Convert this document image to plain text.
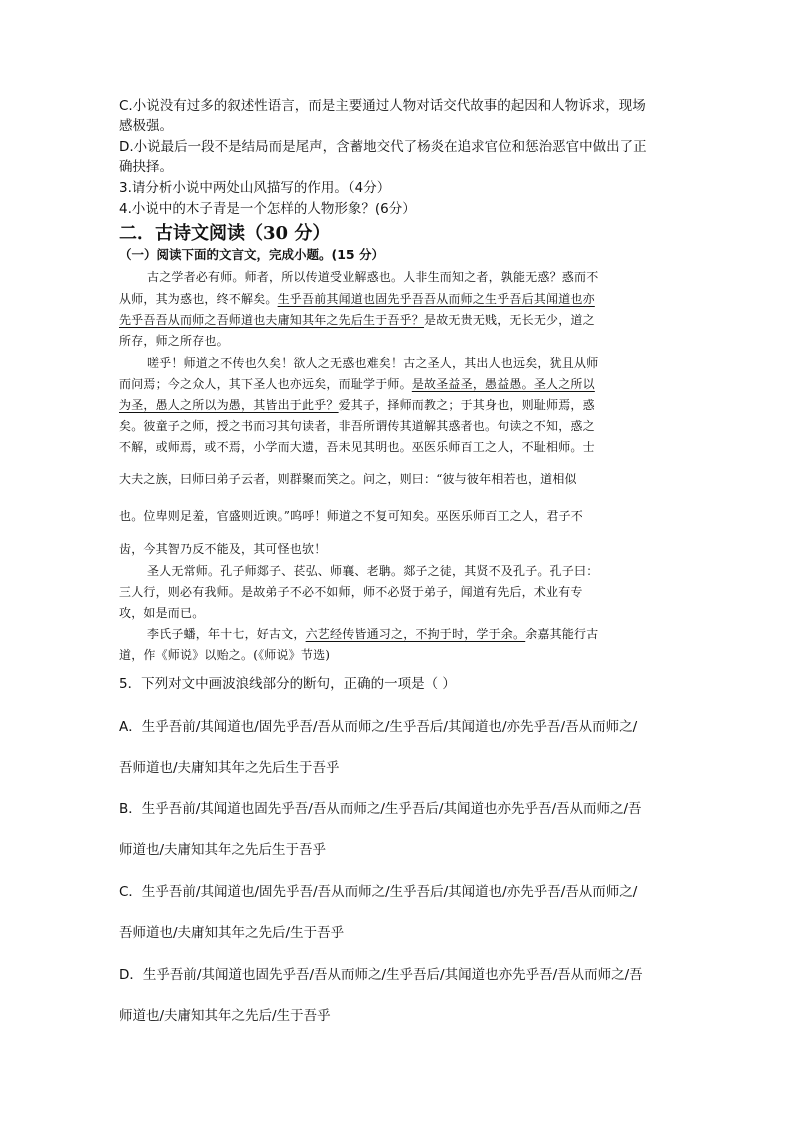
C.小说没有过多的叙述性语言，而是主要通过人物对话交代故事的起因和人物诉求，现场
感极强。
D.小说最后一段不是结局而是尾声，含蓄地交代了杨炎在追求官位和惩治恶官中做出了正
确抉择。
3.请分析小说中两处山风描写的作用。（4分）
4.小说中的木子青是一个怎样的人物形象？(6分）
二．古诗文阅读（30 分）
（一）阅读下面的文言文，完成小题。(15 分）
古之学者必有师。师者，所以传道受业解惑也。人非生而知之者，孰能无惑？惑而不
从师，其为惑也，终不解矣。生乎吾前其闻道也固先乎吾吾从而师之生乎吾后其闻道也亦
先乎吾吾从而师之吾师道也夫庸知其年之先后生于吾乎？是故无贵无贱，无长无少，道之
所存，师之所存也。
嗟乎！师道之不传也久矣！欲人之无惑也难矣！古之圣人，其出人也远矣，犹且从师
而问焉；今之众人，其下圣人也亦远矣，而耻学于师。是故圣益圣，愚益愚。圣人之所以
为圣，愚人之所以为愚，其皆出于此乎？爱其子，择师而教之；于其身也，则耻师焉，惑
矣。彼童子之师，授之书而习其句读者，非吾所谓传其道解其惑者也。句读之不知，惑之
不解，或师焉，或不焉，小学而大遗，吾未见其明也。巫医乐师百工之人，不耻相师。士
大夫之族，曰师曰弟子云者，则群聚而笑之。问之，则曰：“彼与彼年相若也，道相似
也。位卑则足羞，官盛则近谀。”呜呼！师道之不复可知矣。巫医乐师百工之人，君子不
齿，今其智乃反不能及，其可怪也欤！
圣人无常师。孔子师郯子、苌弘、师襄、老聃。郯子之徒，其贤不及孔子。孔子曰：
三人行，则必有我师。是故弟子不必不如师，师不必贤于弟子，闻道有先后，术业有专
攻，如是而已。
李氏子蟠，年十七，好古文，六艺经传皆通习之，不拘于时，学于余。余嘉其能行古
道，作《师说》以贻之。(《师说》节选)
5．下列对文中画波浪线部分的断句，正确的一项是（ ）
A．生乎吾前/其闻道也/固先乎吾/吾从而师之/生乎吾后/其闻道也/亦先乎吾/吾从而师之/
吾师道也/夫庸知其年之先后生于吾乎
B．生乎吾前/其闻道也固先乎吾/吾从而师之/生乎吾后/其闻道也亦先乎吾/吾从而师之/吾
师道也/夫庸知其年之先后生于吾乎
C．生乎吾前/其闻道也/固先乎吾/吾从而师之/生乎吾后/其闻道也/亦先乎吾/吾从而师之/
吾师道也/夫庸知其年之先后/生于吾乎
D．生乎吾前/其闻道也固先乎吾/吾从而师之/生乎吾后/其闻道也亦先乎吾/吾从而师之/吾
师道也/夫庸知其年之先后/生于吾乎
